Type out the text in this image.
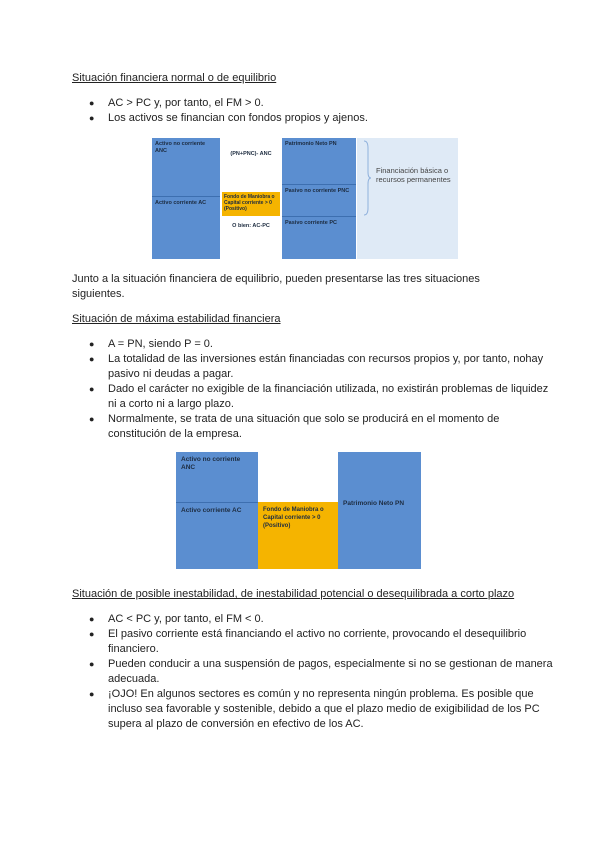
Situación financiera normal o de equilibrio
● AC > PC y, por tanto, el FM > 0.
● Los activos se financian con fondos propios y ajenos.
Activo no corriente ANC
Activo corriente AC
(PN+PNC)- ANC
Fondo de Maniobra o Capital corriente > 0 (Positivo)
O bien: AC-PC
Patrimonio Neto PN
Pasivo no corriente PNC
Pasivo corriente PC
Financiación básica o recursos permanentes
Junto a la situación financiera de equilibrio, pueden presentarse las tres situaciones siguientes.
Situación de máxima estabilidad financiera
● A = PN, siendo P = 0.
● La totalidad de las inversiones están financiadas con recursos propios y, por tanto, nohay pasivo ni deudas a pagar.
● Dado el carácter no exigible de la financiación utilizada, no existirán problemas de liquidez ni a corto ni a largo plazo.
● Normalmente, se trata de una situación que solo se producirá en el momento de constitución de la empresa.
Activo no corriente ANC
Activo corriente AC	Fondo de Maniobra o Capital corriente > 0 (Positivo)
Patrimonio Neto PN
Situación de posible inestabilidad, de inestabilidad potencial o desequilibrada a corto plazo
● AC < PC y, por tanto, el FM < 0.
● El pasivo corriente está financiando el activo no corriente, provocando el desequilibrio financiero.
● Pueden conducir a una suspensión de pagos, especialmente si no se gestionan de manera adecuada.
● ¡OJO! En algunos sectores es común y no representa ningún problema. Es posible que incluso sea favorable y sostenible, debido a que el plazo medio de exigibilidad de los PC supera al plazo de conversión en efectivo de los AC.
